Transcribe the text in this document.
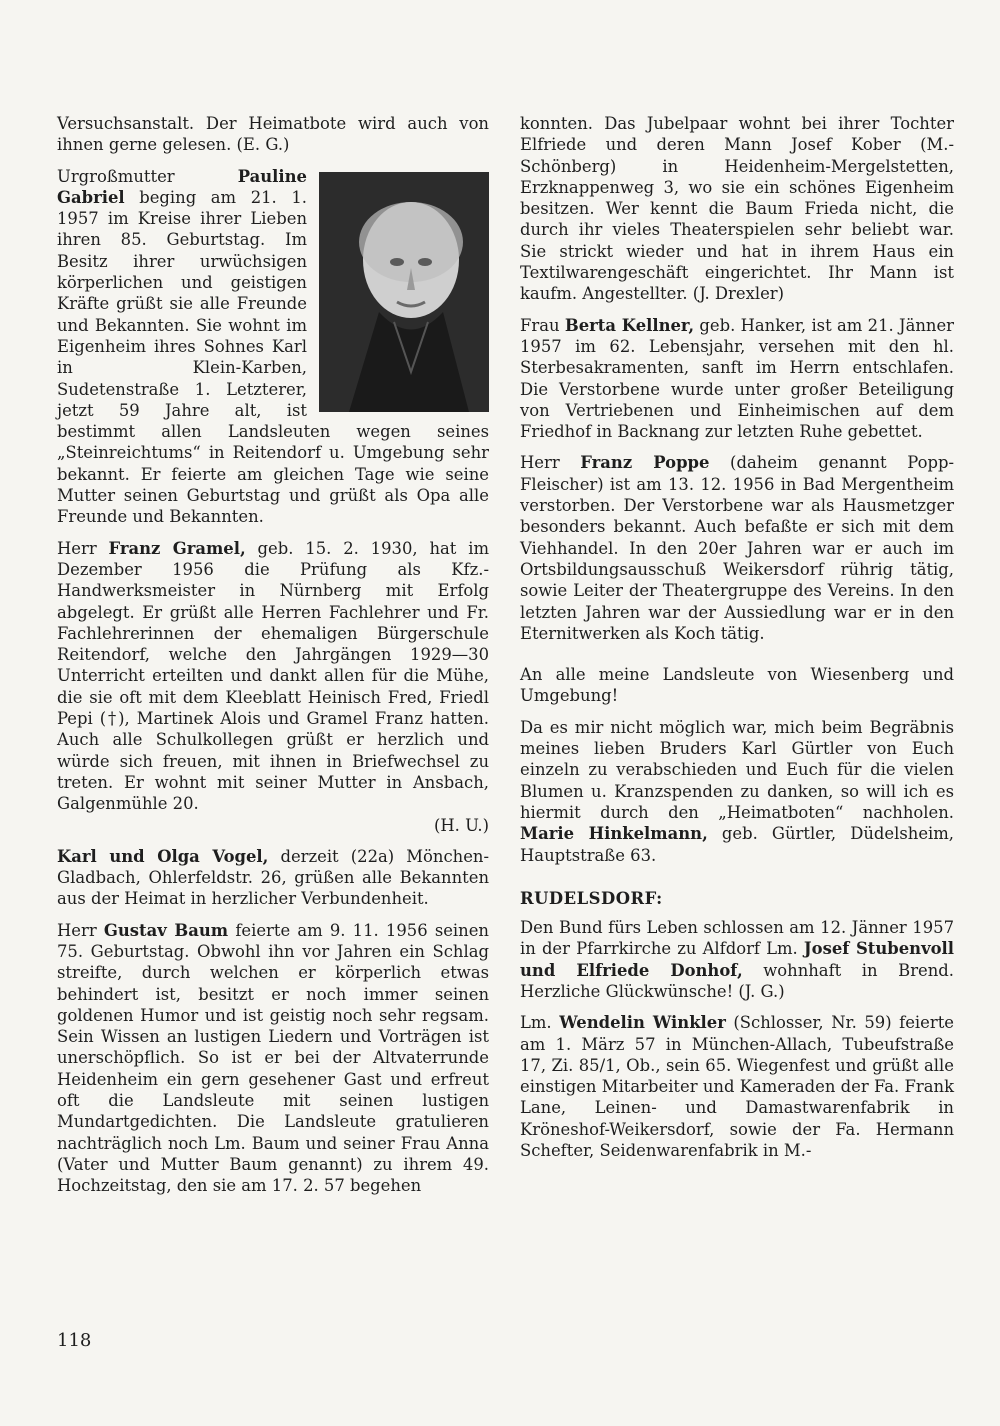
Versuchsanstalt. Der Heimatbote wird auch von ihnen gerne gelesen. (E. G.)

Urgroßmutter Pauline Gabriel beging am 21. 1. 1957 im Kreise ihrer Lieben ihren 85. Geburtstag. Im Besitz ihrer urwüchsigen körperlichen und geistigen Kräfte grüßt sie alle Freunde und Bekannten. Sie wohnt im Eigenheim ihres Sohnes Karl in Klein-Karben, Sudetenstraße 1. Letzterer, jetzt 59 Jahre alt, ist bestimmt allen Landsleuten wegen seines „Steinreichtums“ in Reitendorf u. Umgebung sehr bekannt. Er feierte am gleichen Tage wie seine Mutter seinen Geburtstag und grüßt als Opa alle Freunde und Bekannten.

Herr Franz Gramel, geb. 15. 2. 1930, hat im Dezember 1956 die Prüfung als Kfz.-Handwerksmeister in Nürnberg mit Erfolg abgelegt. Er grüßt alle Herren Fachlehrer und Fr. Fachlehrerinnen der ehemaligen Bürgerschule Reitendorf, welche den Jahrgängen 1929—30 Unterricht erteilten und dankt allen für die Mühe, die sie oft mit dem Kleeblatt Heinisch Fred, Friedl Pepi (†), Martinek Alois und Gramel Franz hatten. Auch alle Schulkollegen grüßt er herzlich und würde sich freuen, mit ihnen in Briefwechsel zu treten. Er wohnt mit seiner Mutter in Ansbach, Galgenmühle 20.

(H. U.)

Karl und Olga Vogel, derzeit (22a) Mönchen-Gladbach, Ohlerfeldstr. 26, grüßen alle Bekannten aus der Heimat in herzlicher Verbundenheit.

Herr Gustav Baum feierte am 9. 11. 1956 seinen 75. Geburtstag. Obwohl ihn vor Jahren ein Schlag streifte, durch welchen er körperlich etwas behindert ist, besitzt er noch immer seinen goldenen Humor und ist geistig noch sehr regsam. Sein Wissen an lustigen Liedern und Vorträgen ist unerschöpflich. So ist er bei der Altvaterrunde Heidenheim ein gern gesehener Gast und erfreut oft die Landsleute mit seinen lustigen Mundartgedichten. Die Landsleute gratulieren nachträglich noch Lm. Baum und seiner Frau Anna (Vater und Mutter Baum genannt) zu ihrem 49. Hochzeitstag, den sie am 17. 2. 57 begehen

konnten. Das Jubelpaar wohnt bei ihrer Tochter Elfriede und deren Mann Josef Kober (M.-Schönberg) in Heidenheim-Mergelstetten, Erzknappenweg 3, wo sie ein schönes Eigenheim besitzen. Wer kennt die Baum Frieda nicht, die durch ihr vieles Theaterspielen sehr beliebt war. Sie strickt wieder und hat in ihrem Haus ein Textilwarengeschäft eingerichtet. Ihr Mann ist kaufm. Angestellter. (J. Drexler)

Frau Berta Kellner, geb. Hanker, ist am 21. Jänner 1957 im 62. Lebensjahr, versehen mit den hl. Sterbesakramenten, sanft im Herrn entschlafen. Die Verstorbene wurde unter großer Beteiligung von Vertriebenen und Einheimischen auf dem Friedhof in Backnang zur letzten Ruhe gebettet.

Herr Franz Poppe (daheim genannt Popp-Fleischer) ist am 13. 12. 1956 in Bad Mergentheim verstorben. Der Verstorbene war als Hausmetzger besonders bekannt. Auch befaßte er sich mit dem Viehhandel. In den 20er Jahren war er auch im Ortsbildungsausschuß Weikersdorf rührig tätig, sowie Leiter der Theatergruppe des Vereins. In den letzten Jahren war der Aussiedlung war er in den Eternitwerken als Koch tätig.

An alle meine Landsleute von Wiesenberg und Umgebung!

Da es mir nicht möglich war, mich beim Begräbnis meines lieben Bruders Karl Gürtler von Euch einzeln zu verabschieden und Euch für die vielen Blumen u. Kranzspenden zu danken, so will ich es hiermit durch den „Heimatboten“ nachholen. Marie Hinkelmann, geb. Gürtler, Düdelsheim, Hauptstraße 63.

RUDELSDORF:

Den Bund fürs Leben schlossen am 12. Jänner 1957 in der Pfarrkirche zu Alfdorf Lm. Josef Stubenvoll und Elfriede Donhof, wohnhaft in Brend. Herzliche Glückwünsche! (J. G.)

Lm. Wendelin Winkler (Schlosser, Nr. 59) feierte am 1. März 57 in München-Allach, Tubeufstraße 17, Zi. 85/1, Ob., sein 65. Wiegenfest und grüßt alle einstigen Mitarbeiter und Kameraden der Fa. Frank Lane, Leinen- und Damastwarenfabrik in Kröneshof-Weikersdorf, sowie der Fa. Hermann Schefter, Seidenwarenfabrik in M.-

118
